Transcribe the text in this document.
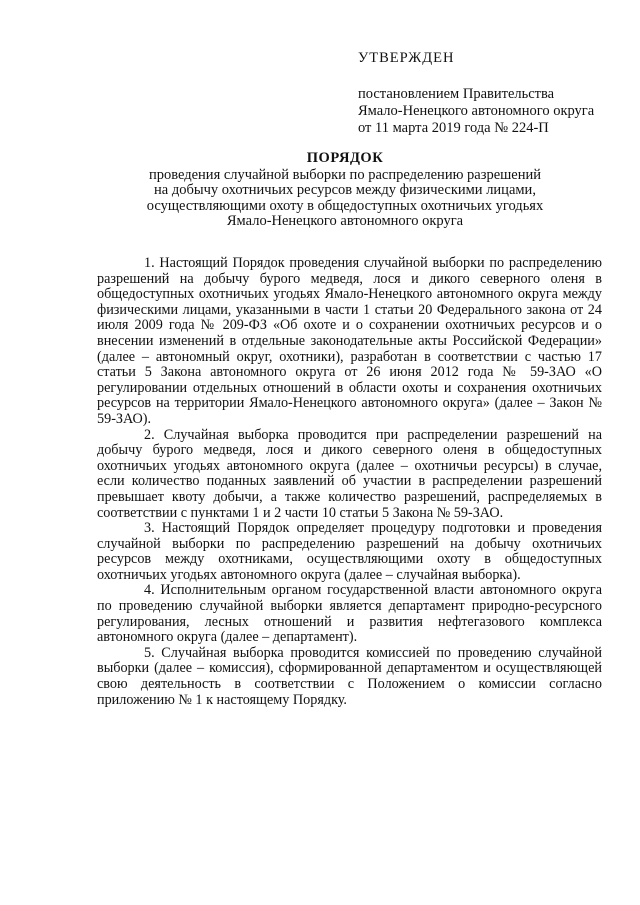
УТВЕРЖДЕН
постановлением Правительства
Ямало-Ненецкого автономного округа
от 11 марта 2019 года № 224-П
ПОРЯДОК
проведения случайной выборки по распределению разрешений
на добычу охотничьих ресурсов между физическими лицами,
осуществляющими охоту в общедоступных охотничьих угодьях
Ямало-Ненецкого автономного округа

1. Настоящий Порядок проведения случайной выборки по распределению разрешений на добычу бурого медведя, лося и дикого северного оленя в общедоступных охотничьих угодьях Ямало-Ненецкого автономного округа между физическими лицами, указанными в части 1 статьи 20 Федерального закона от 24 июля 2009 года № 209-ФЗ «Об охоте и о сохранении охотничьих ресурсов и о внесении изменений в отдельные законодательные акты Российской Федерации» (далее – автономный округ, охотники), разработан в соответствии с частью 17 статьи 5 Закона автономного округа от 26 июня 2012 года № 59-ЗАО «О регулировании отдельных отношений в области охоты и сохранения охотничьих ресурсов на территории Ямало-Ненецкого автономного округа» (далее – Закон № 59-ЗАО).

2. Случайная выборка проводится при распределении разрешений на добычу бурого медведя, лося и дикого северного оленя в общедоступных охотничьих угодьях автономного округа (далее – охотничьи ресурсы) в случае, если количество поданных заявлений об участии в распределении разрешений превышает квоту добычи, а также количество разрешений, распределяемых в соответствии с пунктами 1 и 2 части 10 статьи 5 Закона № 59-ЗАО.

3. Настоящий Порядок определяет процедуру подготовки и проведения случайной выборки по распределению разрешений на добычу охотничьих ресурсов между охотниками, осуществляющими охоту в общедоступных охотничьих угодьях автономного округа (далее – случайная выборка).

4. Исполнительным органом государственной власти автономного округа по проведению случайной выборки является департамент природно-ресурсного регулирования, лесных отношений и развития нефтегазового комплекса автономного округа (далее – департамент).

5. Случайная выборка проводится комиссией по проведению случайной выборки (далее – комиссия), сформированной департаментом и осуществляющей свою деятельность в соответствии с Положением о комиссии согласно приложению № 1 к настоящему Порядку.
